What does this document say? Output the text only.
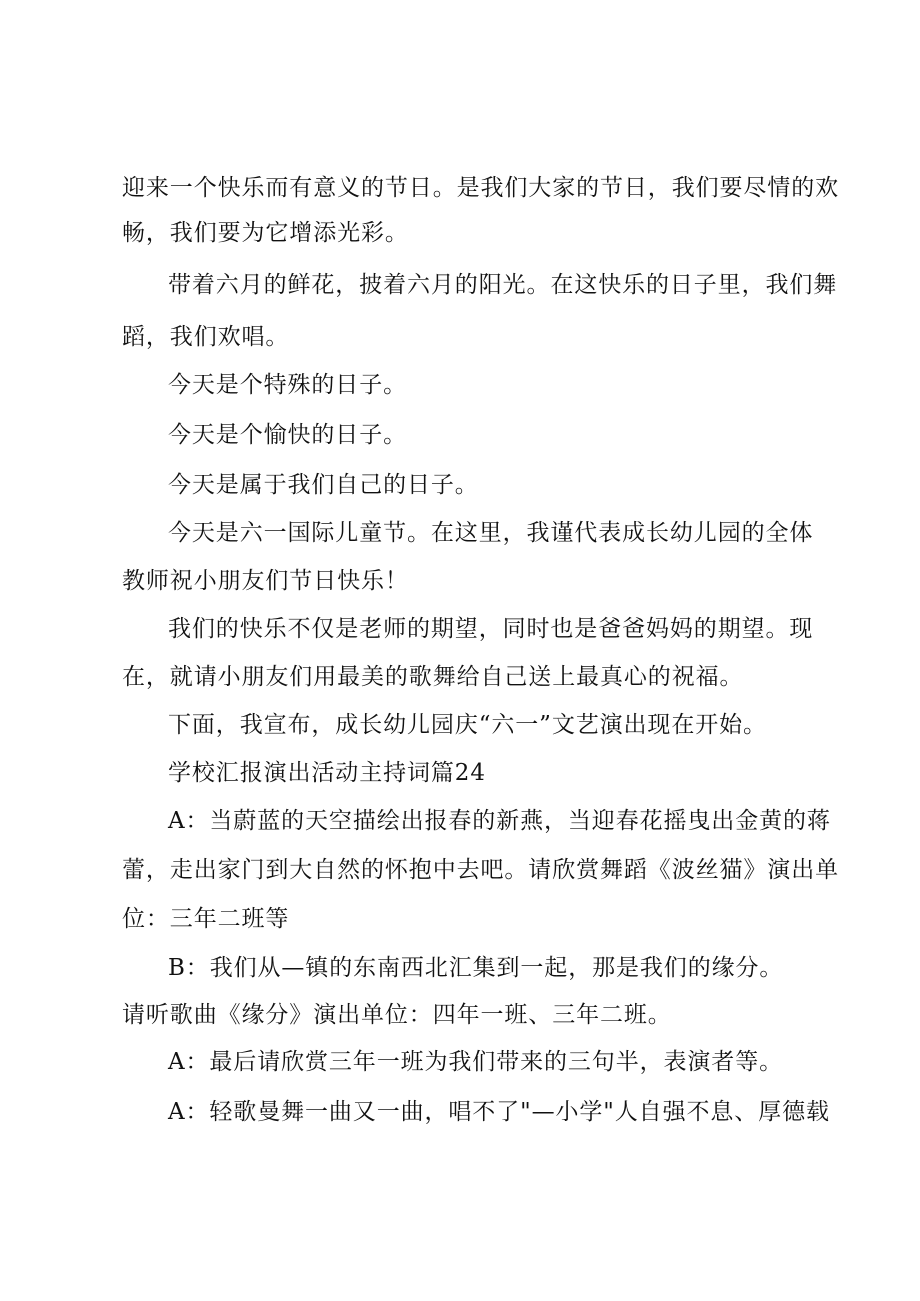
迎来一个快乐而有意义的节日。是我们大家的节日，我们要尽情的欢
畅，我们要为它增添光彩。
带着六月的鲜花，披着六月的阳光。在这快乐的日子里，我们舞
蹈，我们欢唱。
今天是个特殊的日子。
今天是个愉快的日子。
今天是属于我们自己的日子。
今天是六一国际儿童节。在这里，我谨代表成长幼儿园的全体
教师祝小朋友们节日快乐！
我们的快乐不仅是老师的期望，同时也是爸爸妈妈的期望。现
在，就请小朋友们用最美的歌舞给自己送上最真心的祝福。
下面，我宣布，成长幼儿园庆“六一”文艺演出现在开始。
学校汇报演出活动主持词篇24
A：当蔚蓝的天空描绘出报春的新燕，当迎春花摇曳出金黄的蒋
蕾，走出家门到大自然的怀抱中去吧。请欣赏舞蹈《波丝猫》演出单
位：三年二班等
B：我们从—镇的东南西北汇集到一起，那是我们的缘分。
请听歌曲《缘分》演出单位：四年一班、三年二班。
A：最后请欣赏三年一班为我们带来的三句半，表演者等。
A：轻歌曼舞一曲又一曲，唱不了"—小学"人自强不息、厚德载
